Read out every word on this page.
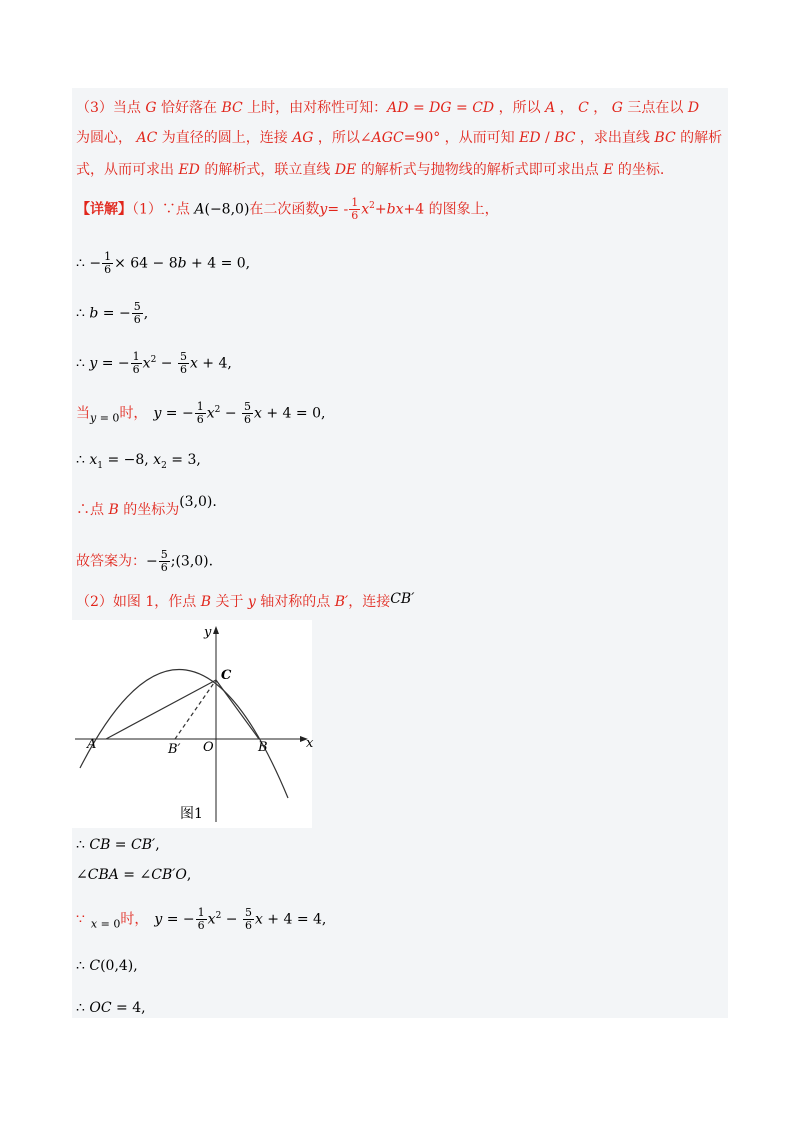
（3）当点 G 恰好落在 BC 上时，由对称性可知：AD = DG = CD ，所以 A ， C ， G 三点在以 D
为圆心， AC 为直径的圆上，连接 AG ，所以∠AGC=90° ，从而可知 ED / BC ，求出直线 BC 的解析
式，从而可求出 ED 的解析式，联立直线 DE 的解析式与抛物线的解析式即可求出点 E 的坐标.
【详解】（1）∵点 A(−8,0)在二次函数$y= - \frac{1}{6} x^2+bx+4$ 的图象上，
∴ − $\frac{1}{6} \times 64 - 8b + 4 = 0$,
∴ b = − $\frac{5}{6}$ ,
∴ y = − $\frac{1}{6} x^2 - \frac{5}{6}$ x + 4,
当$_y$ $_{= 0}$时， y = − $\frac{1}{6} x^2 - \frac{5}{6}$ x + 4 = 0,
∴ $x_1 = -8$, $x_2 = 3$,
∴点 B 的坐标为(3,0).
故答案为：− $\frac{5}{6}$ ;(3,0).
（2）如图 1，作点 B 关于 y 轴对称的点 B′，连接CB′
y
x
C
A	B′ O	B
图1
∴ CB = CB′,
∠CBA = ∠CB′O,
∵ $_x$ $_{= 0}$时， y = − $\frac{1}{6} x^2 - \frac{5}{6}$ x + 4 = 4,
∴ C(0,4),
∴ OC = 4,
